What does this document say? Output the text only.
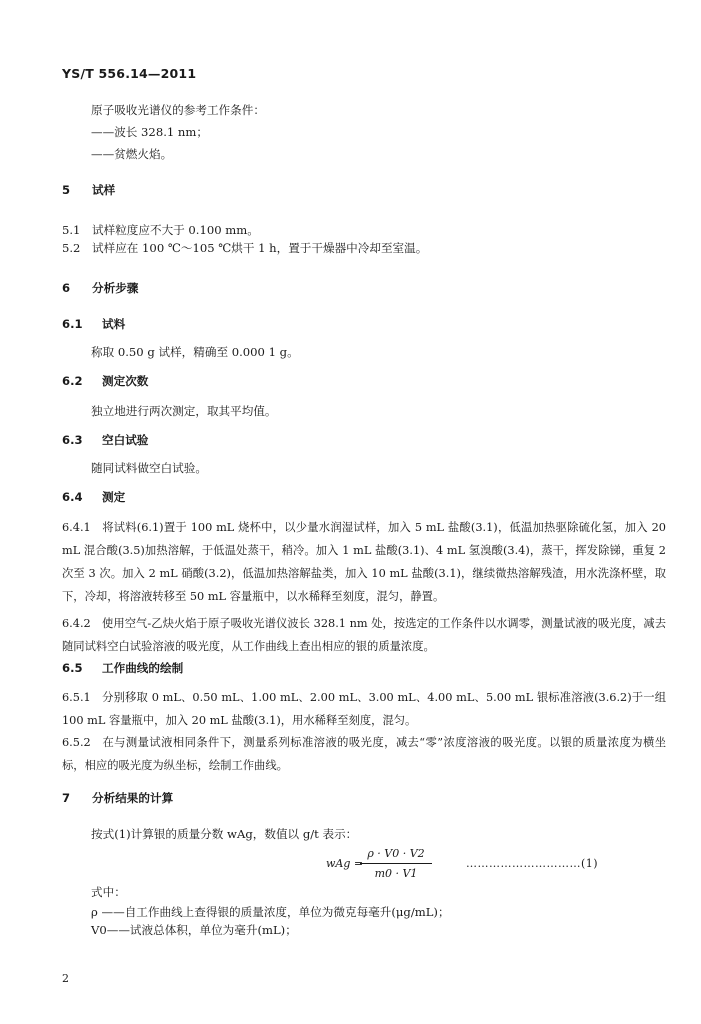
YS/T 556.14—2011
原子吸收光谱仪的参考工作条件：
——波长 328.1 nm；
——贫燃火焰。
5 试样
5.1 试样粒度应不大于 0.100 mm。
5.2 试样应在 100 ℃～105 ℃烘干 1 h，置于干燥器中冷却至室温。
6 分析步骤
6.1 试料
称取 0.50 g 试样，精确至 0.000 1 g。
6.2 测定次数
独立地进行两次测定，取其平均值。
6.3 空白试验
随同试料做空白试验。
6.4 测定
6.4.1 将试料(6.1)置于 100 mL 烧杯中，以少量水润湿试样，加入 5 mL 盐酸(3.1)，低温加热驱除硫化氢，加入 20 mL 混合酸(3.5)加热溶解，于低温处蒸干，稍冷。加入 1 mL 盐酸(3.1)、4 mL 氢溴酸(3.4)，蒸干，挥发除锑，重复 2 次至 3 次。加入 2 mL 硝酸(3.2)，低温加热溶解盐类，加入 10 mL 盐酸(3.1)，继续微热溶解残渣，用水洗涤杯壁，取下，冷却，将溶液转移至 50 mL 容量瓶中，以水稀释至刻度，混匀，静置。
6.4.2 使用空气-乙炔火焰于原子吸收光谱仪波长 328.1 nm 处，按选定的工作条件以水调零，测量试液的吸光度，减去随同试料空白试验溶液的吸光度，从工作曲线上查出相应的银的质量浓度。
6.5 工作曲线的绘制
6.5.1 分别移取 0 mL、0.50 mL、1.00 mL、2.00 mL、3.00 mL、4.00 mL、5.00 mL 银标准溶液(3.6.2)于一组 100 mL 容量瓶中，加入 20 mL 盐酸(3.1)，用水稀释至刻度，混匀。
6.5.2 在与测量试液相同条件下，测量系列标准溶液的吸光度，减去“零”浓度溶液的吸光度。以银的质量浓度为横坐标，相应的吸光度为纵坐标，绘制工作曲线。
7 分析结果的计算
按式(1)计算银的质量分数 wAg，数值以 g/t 表示：
wAg =
ρ · V0 · V2
m0 · V1
…………………………(1)
式中：
ρ ——自工作曲线上查得银的质量浓度，单位为微克每毫升(μg/mL)；
V0——试液总体积，单位为毫升(mL)；
2
